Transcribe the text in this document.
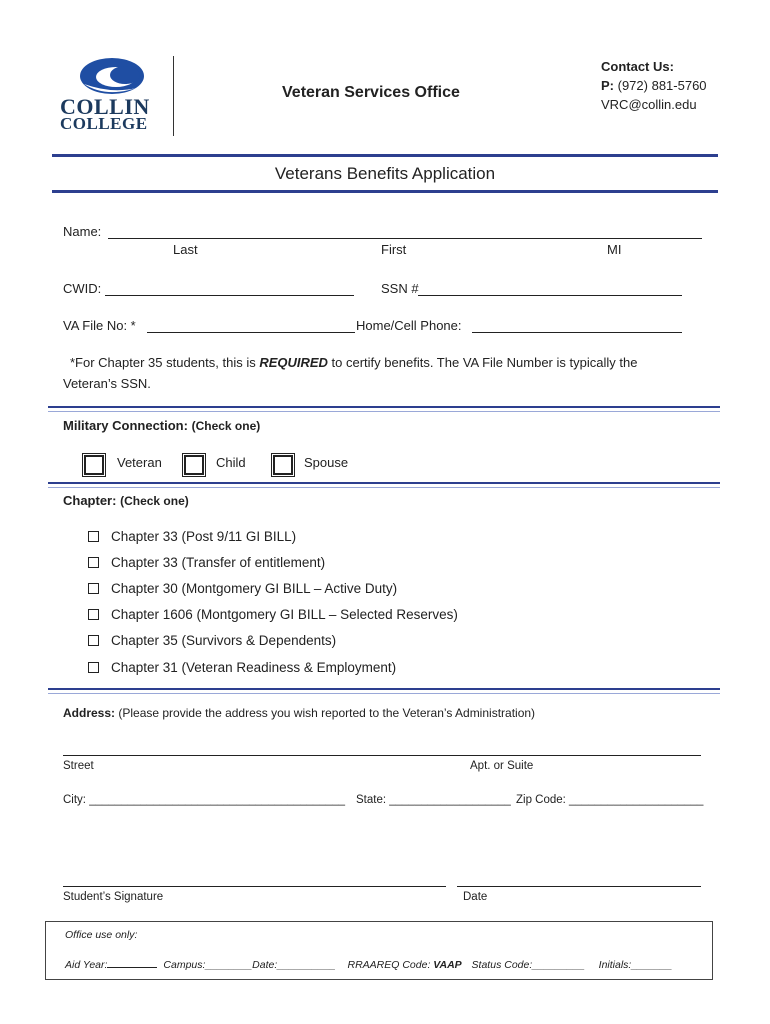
COLLIN
COLLEGE
Veteran Services Office
Contact Us:
P: (972) 881-5760
VRC@collin.edu
Veterans Benefits Application
Name:
Last	First	MI
CWID:	SSN #
VA File No: *	Home/Cell Phone:
*For Chapter 35 students, this is REQUIRED to certify benefits. The VA File Number is typically the
Veteran’s SSN.
Military Connection: (Check one)
Veteran	Child	Spouse
Chapter: (Check one)
Chapter 33 (Post 9/11 GI BILL)
Chapter 33 (Transfer of entitlement)
Chapter 30 (Montgomery GI BILL – Active Duty)
Chapter 1606 (Montgomery GI BILL – Selected Reserves)
Chapter 35 (Survivors & Dependents)
Chapter 31 (Veteran Readiness & Employment)
Address: (Please provide the address you wish reported to the Veteran’s Administration)
Street	Apt. or Suite
City: ________________________________________ State: ___________________ Zip Code: _____________________
Student’s Signature	Date
Office use only:
Aid Year:	Campus:________Date:__________ RRAAREQ Code: VAAP Status Code:_________ Initials:_______
